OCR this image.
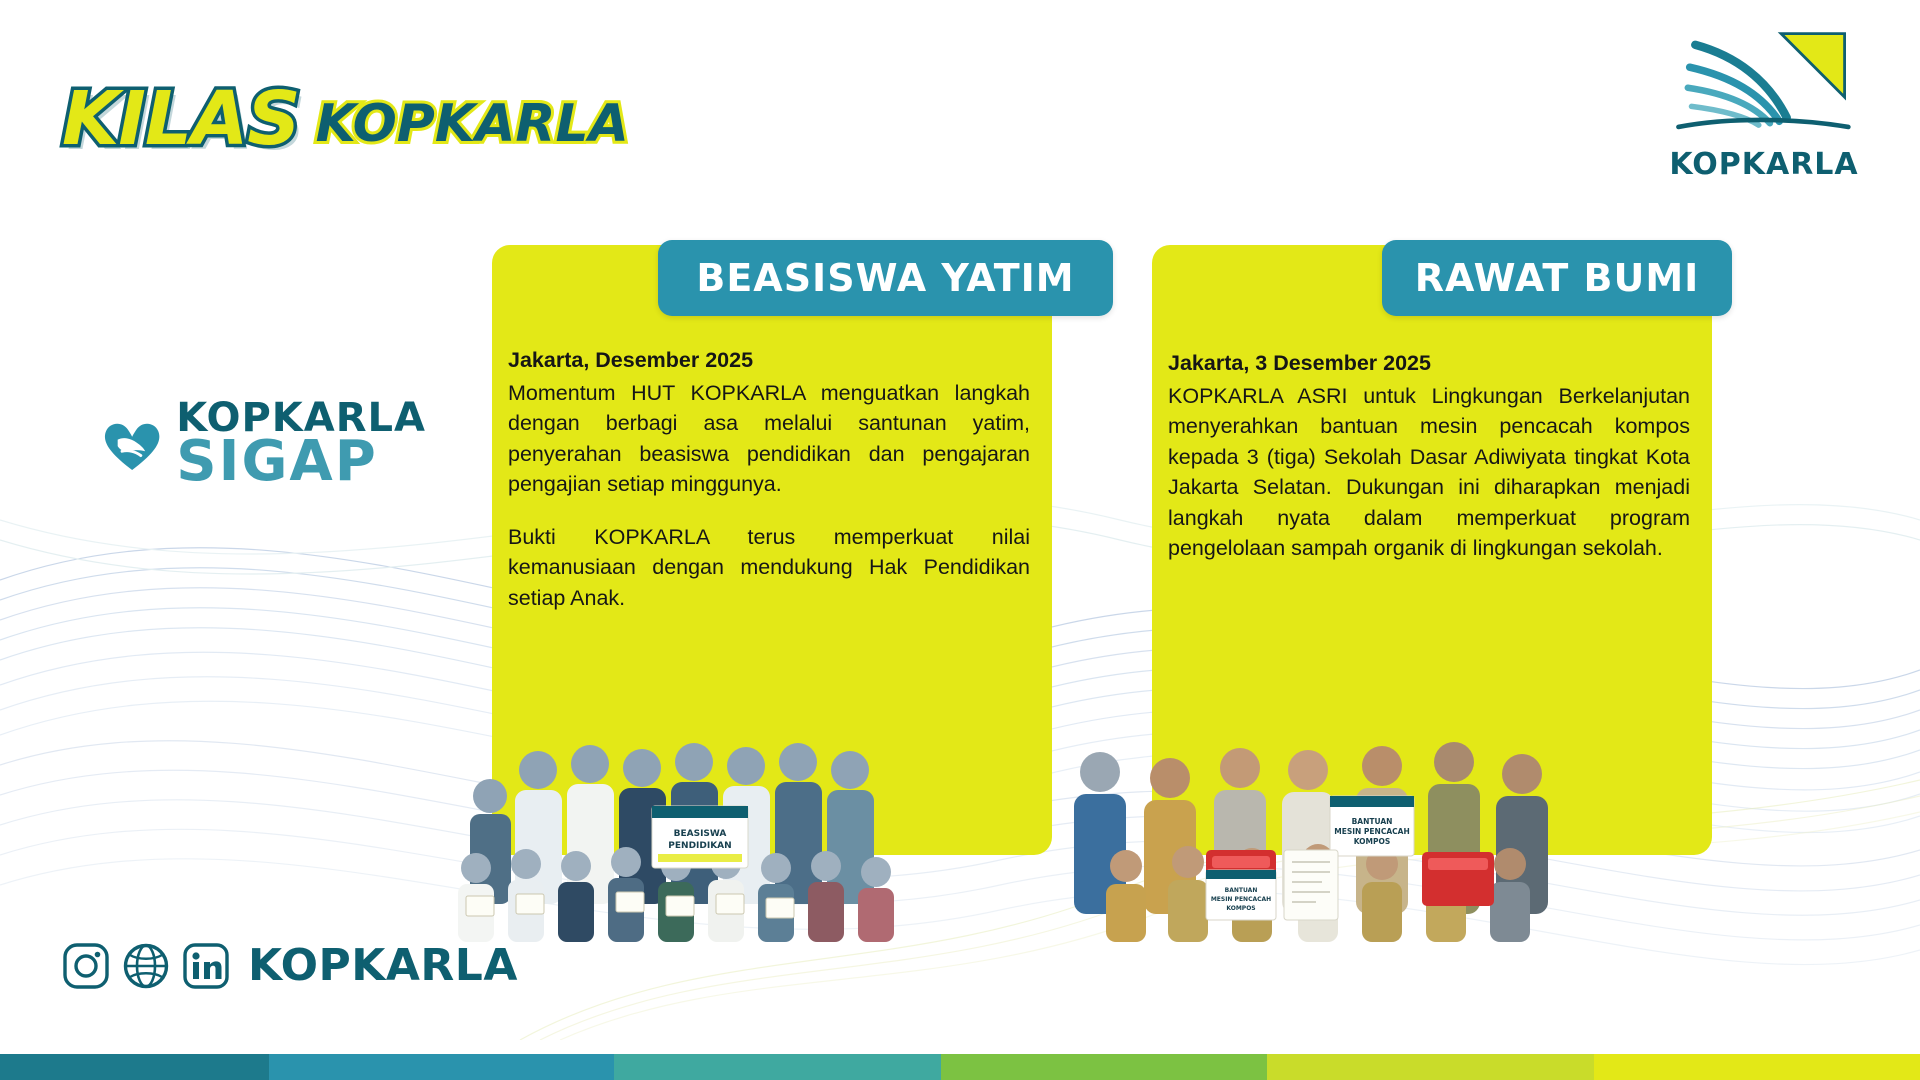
KILAS KOPKARLA
KOPKARLA
KOPKARLA
SIGAP
BEASISWA YATIM

Jakarta, Desember 2025
Momentum HUT KOPKARLA menguatkan langkah dengan berbagi asa melalui santunan yatim, penyerahan beasiswa pendidikan dan pengajaran pengajian setiap minggunya.

Bukti KOPKARLA terus memperkuat nilai kemanusiaan dengan mendukung Hak Pendidikan setiap Anak.

BEASISWA
PENDIDIKAN
RAWAT BUMI

Jakarta, 3 Desember 2025
KOPKARLA ASRI untuk Lingkungan Berkelanjutan menyerahkan bantuan mesin pencacah kompos kepada 3 (tiga) Sekolah Dasar Adiwiyata tingkat Kota Jakarta Selatan. Dukungan ini diharapkan menjadi langkah nyata dalam memperkuat program pengelolaan sampah organik di lingkungan sekolah.

BANTUAN
MESIN PENCACAH
KOMPOS
BANTUAN
MESIN PENCACAH
KOMPOS
KOPKARLA
